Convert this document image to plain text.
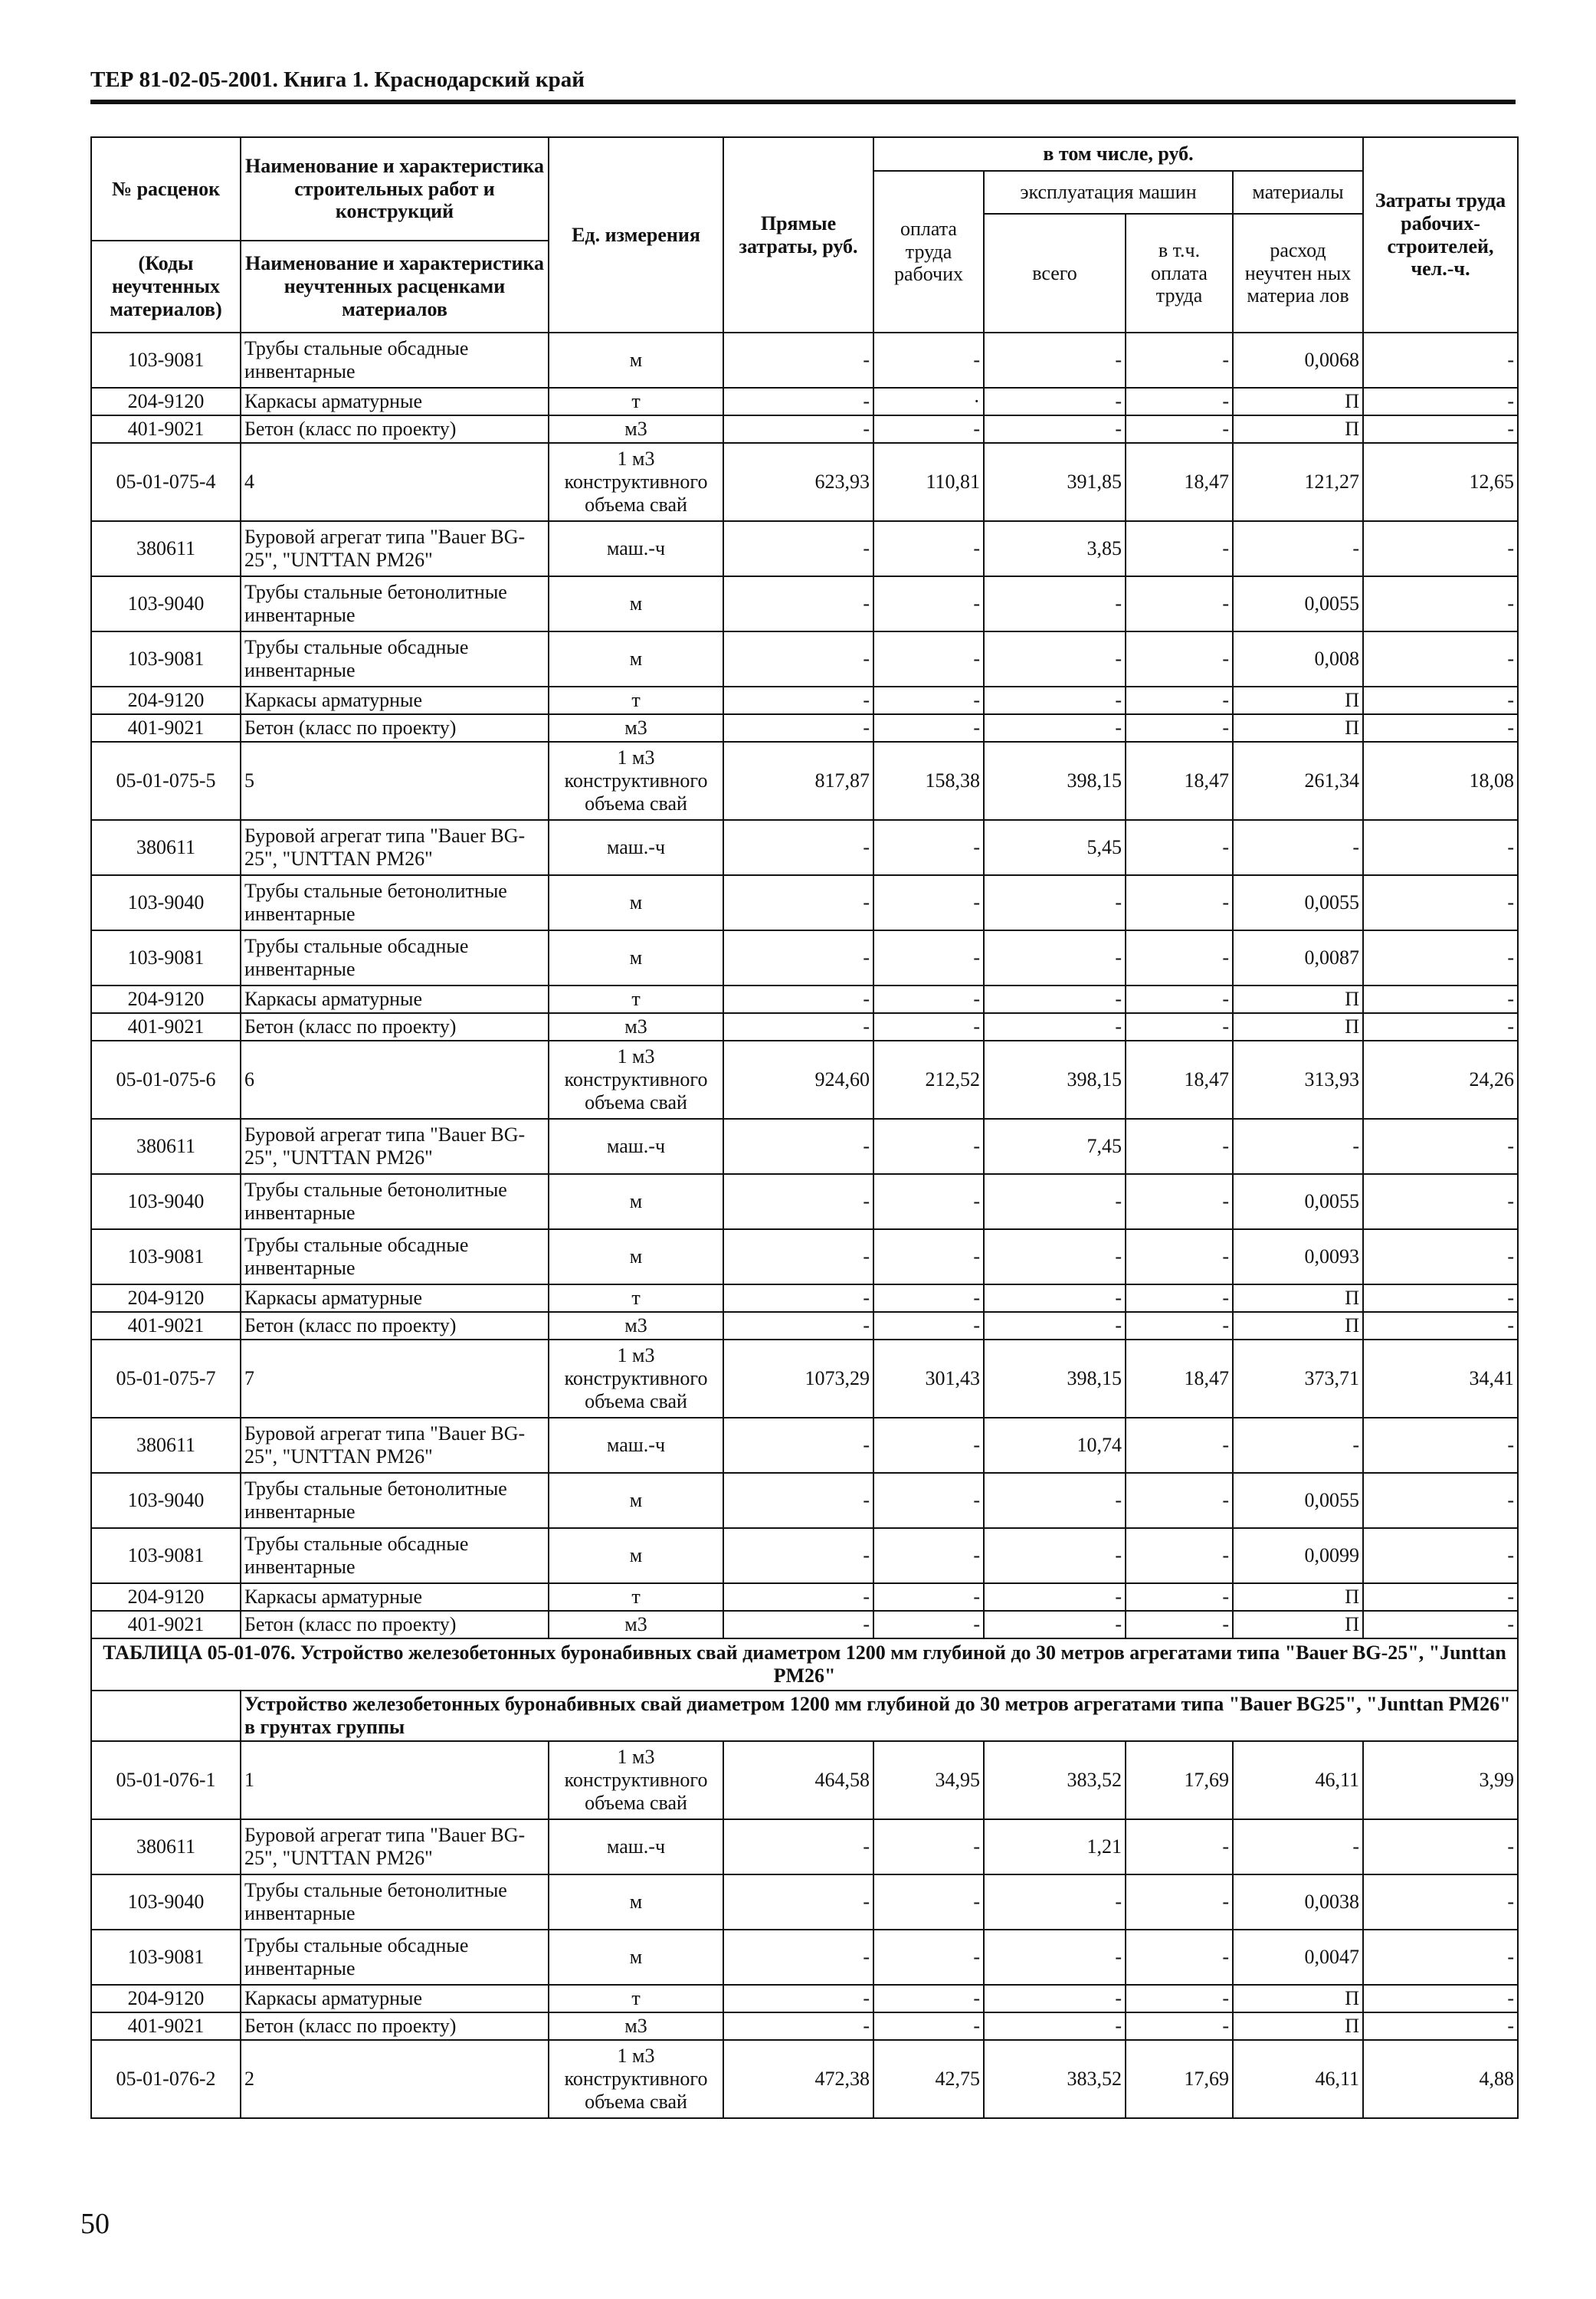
ТЕР 81-02-05-2001. Книга 1. Краснодарский край
№ расценок	Наименование и характеристика строительных работ и конструкций	Ед. измерения	Прямые затраты, руб.	в том числе, руб.				Затраты труда рабочих-строителей, чел.-ч.
				оплата труда рабочих	эксплуатация машин		материалы	
					всего	в т.ч. оплата труда	расход неучтен ных материа лов	
(Коды неучтенных материалов)	Наименование и характеристика неучтенных расценками материалов							

103-9081	Трубы стальные обсадные инвентарные	м	-	-	-	-	0,0068	-
204-9120	Каркасы арматурные	т	-	·	-	-	П	-
401-9021	Бетон (класс по проекту)	м3	-	-	-	-	П	-
05-01-075-4	4	1 м3 конструктивного объема свай	623,93	110,81	391,85	18,47	121,27	12,65
380611	Буровой агрегат типа "Bauer BG-25", "UNTTAN PM26"	маш.-ч	-	-	3,85	-	-	-
103-9040	Трубы стальные бетонолитные инвентарные	м	-	-	-	-	0,0055	-
103-9081	Трубы стальные обсадные инвентарные	м	-	-	-	-	0,008	-
204-9120	Каркасы арматурные	т	-	-	-	-	П	-
401-9021	Бетон (класс по проекту)	м3	-	-	-	-	П	-
05-01-075-5	5	1 м3 конструктивного объема свай	817,87	158,38	398,15	18,47	261,34	18,08
380611	Буровой агрегат типа "Bauer BG-25", "UNTTAN PM26"	маш.-ч	-	-	5,45	-	-	-
103-9040	Трубы стальные бетонолитные инвентарные	м	-	-	-	-	0,0055	-
103-9081	Трубы стальные обсадные инвентарные	м	-	-	-	-	0,0087	-
204-9120	Каркасы арматурные	т	-	-	-	-	П	-
401-9021	Бетон (класс по проекту)	м3	-	-	-	-	П	-
05-01-075-6	6	1 м3 конструктивного объема свай	924,60	212,52	398,15	18,47	313,93	24,26
380611	Буровой агрегат типа "Bauer BG-25", "UNTTAN PM26"	маш.-ч	-	-	7,45	-	-	-
103-9040	Трубы стальные бетонолитные инвентарные	м	-	-	-	-	0,0055	-
103-9081	Трубы стальные обсадные инвентарные	м	-	-	-	-	0,0093	-
204-9120	Каркасы арматурные	т	-	-	-	-	П	-
401-9021	Бетон (класс по проекту)	м3	-	-	-	-	П	-
05-01-075-7	7	1 м3 конструктивного объема свай	1073,29	301,43	398,15	18,47	373,71	34,41
380611	Буровой агрегат типа "Bauer BG-25", "UNTTAN PM26"	маш.-ч	-	-	10,74	-	-	-
103-9040	Трубы стальные бетонолитные инвентарные	м	-	-	-	-	0,0055	-
103-9081	Трубы стальные обсадные инвентарные	м	-	-	-	-	0,0099	-
204-9120	Каркасы арматурные	т	-	-	-	-	П	-
401-9021	Бетон (класс по проекту)	м3	-	-	-	-	П	-
ТАБЛИЦА 05-01-076. Устройство железобетонных буронабивных свай диаметром 1200 мм глубиной до 30 метров агрегатами типа "Bauer BG-25", "Junttan PM26"								
	Устройство железобетонных буронабивных свай диаметром 1200 мм глубиной до 30 метров агрегатами типа "Bauer BG25", "Junttan PM26" в грунтах группы							
05-01-076-1	1	1 м3 конструктивного объема свай	464,58	34,95	383,52	17,69	46,11	3,99
380611	Буровой агрегат типа "Bauer BG-25", "UNTTAN PM26"	маш.-ч	-	-	1,21	-	-	-
103-9040	Трубы стальные бетонолитные инвентарные	м	-	-	-	-	0,0038	-
103-9081	Трубы стальные обсадные инвентарные	м	-	-	-	-	0,0047	-
204-9120	Каркасы арматурные	т	-	-	-	-	П	-
401-9021	Бетон (класс по проекту)	м3	-	-	-	-	П	-
05-01-076-2	2	1 м3 конструктивного объема свай	472,38	42,75	383,52	17,69	46,11	4,88
50
